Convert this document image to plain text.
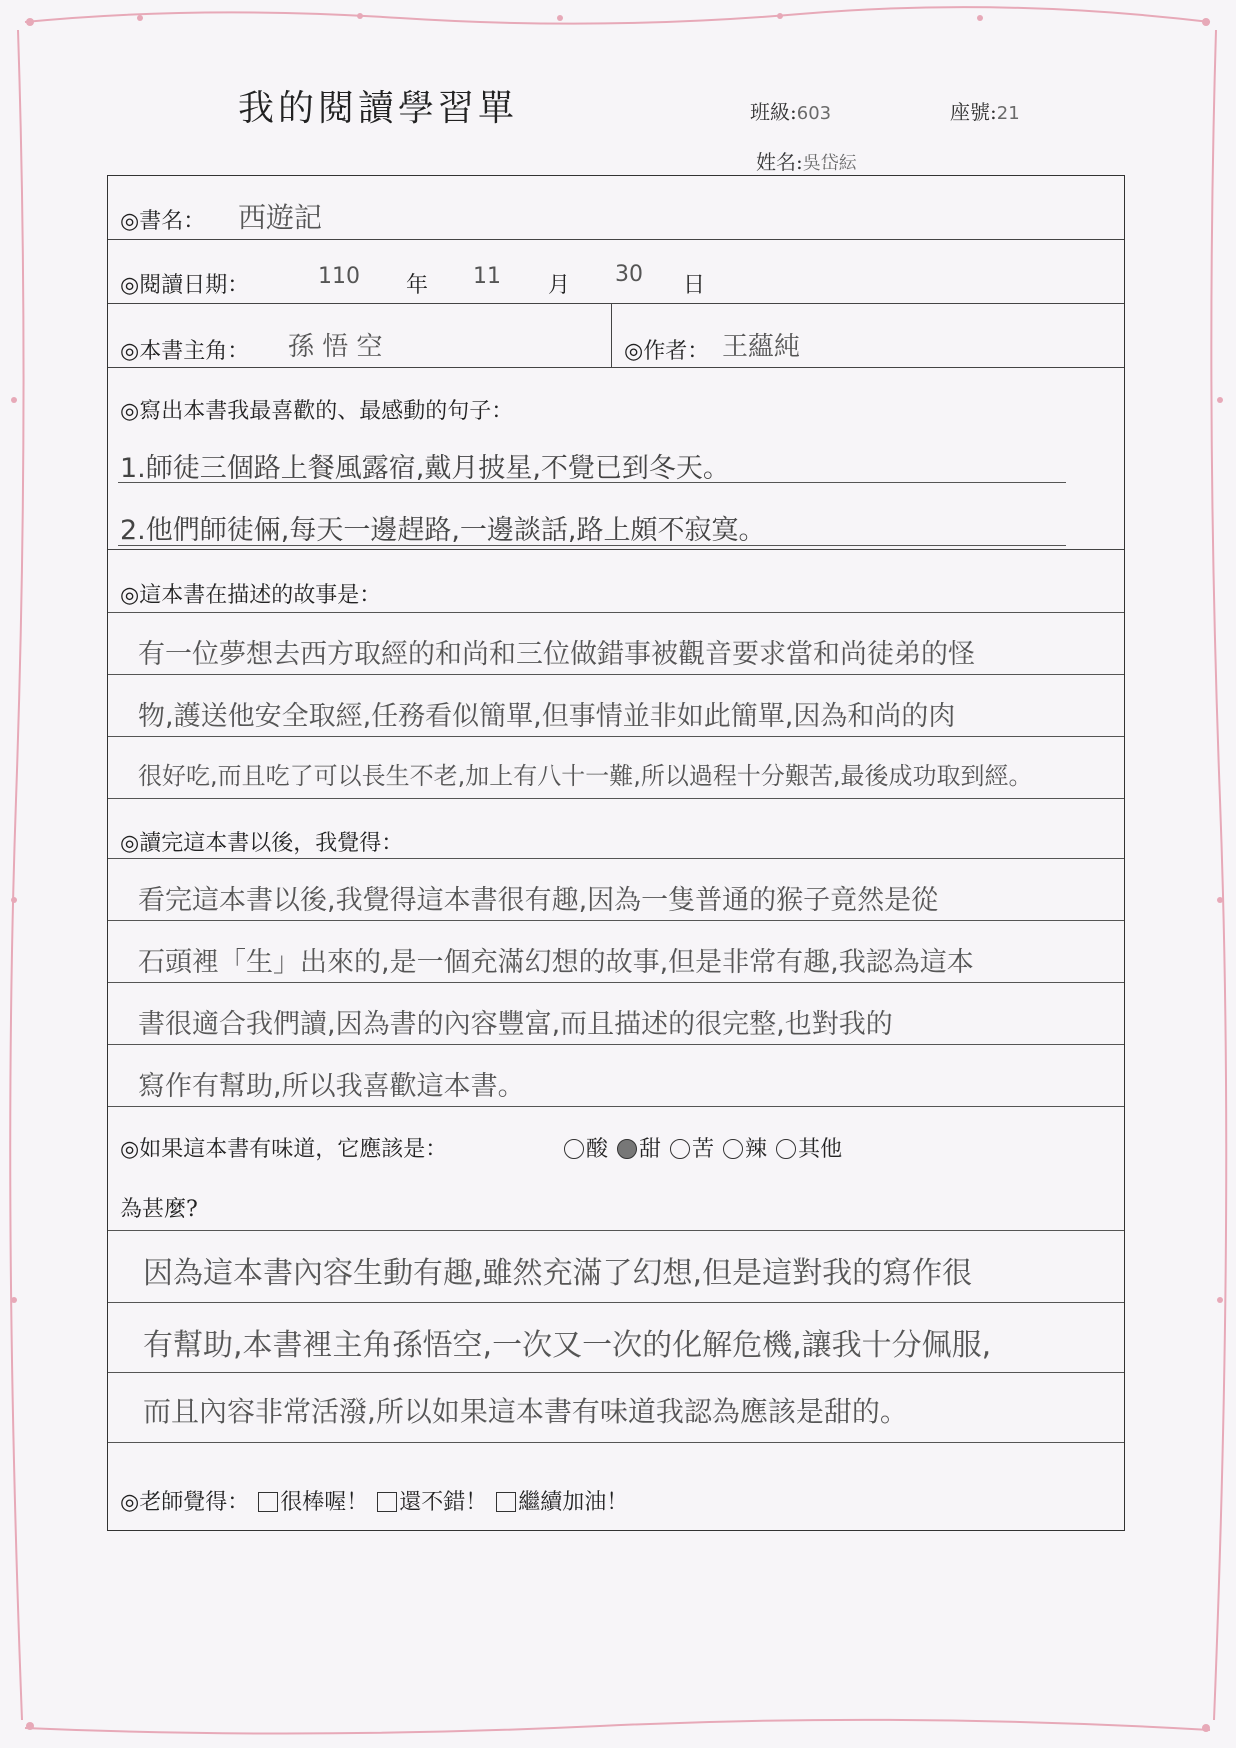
我的閱讀學習單	班級:603	座號:21
姓名:吳岱紜
◎書名： 西遊記
◎閱讀日期：	110 年 11 月 30 日
◎本書主角： 孫 悟 空	◎作者： 王蘊純
◎寫出本書我最喜歡的、最感動的句子：
1.師徒三個路上餐風露宿,戴月披星,不覺已到冬天。
2.他們師徒倆,每天一邊趕路,一邊談話,路上頗不寂寞。
◎這本書在描述的故事是：
有一位夢想去西方取經的和尚和三位做錯事被觀音要求當和尚徒弟的怪
物,護送他安全取經,任務看似簡單,但事情並非如此簡單,因為和尚的肉
很好吃,而且吃了可以長生不老,加上有八十一難,所以過程十分艱苦,最後成功取到經。
◎讀完這本書以後，我覺得：
看完這本書以後,我覺得這本書很有趣,因為一隻普通的猴子竟然是從
石頭裡「生」出來的,是一個充滿幻想的故事,但是非常有趣,我認為這本
書很適合我們讀,因為書的內容豐富,而且描述的很完整,也對我的
寫作有幫助,所以我喜歡這本書。
◎如果這本書有味道，它應該是：	酸 甜 苦 辣 其他
為甚麼?
因為這本書內容生動有趣,雖然充滿了幻想,但是這對我的寫作很
有幫助,本書裡主角孫悟空,一次又一次的化解危機,讓我十分佩服,
而且內容非常活潑,所以如果這本書有味道我認為應該是甜的。
◎老師覺得： 很棒喔！ 還不錯！ 繼續加油！
